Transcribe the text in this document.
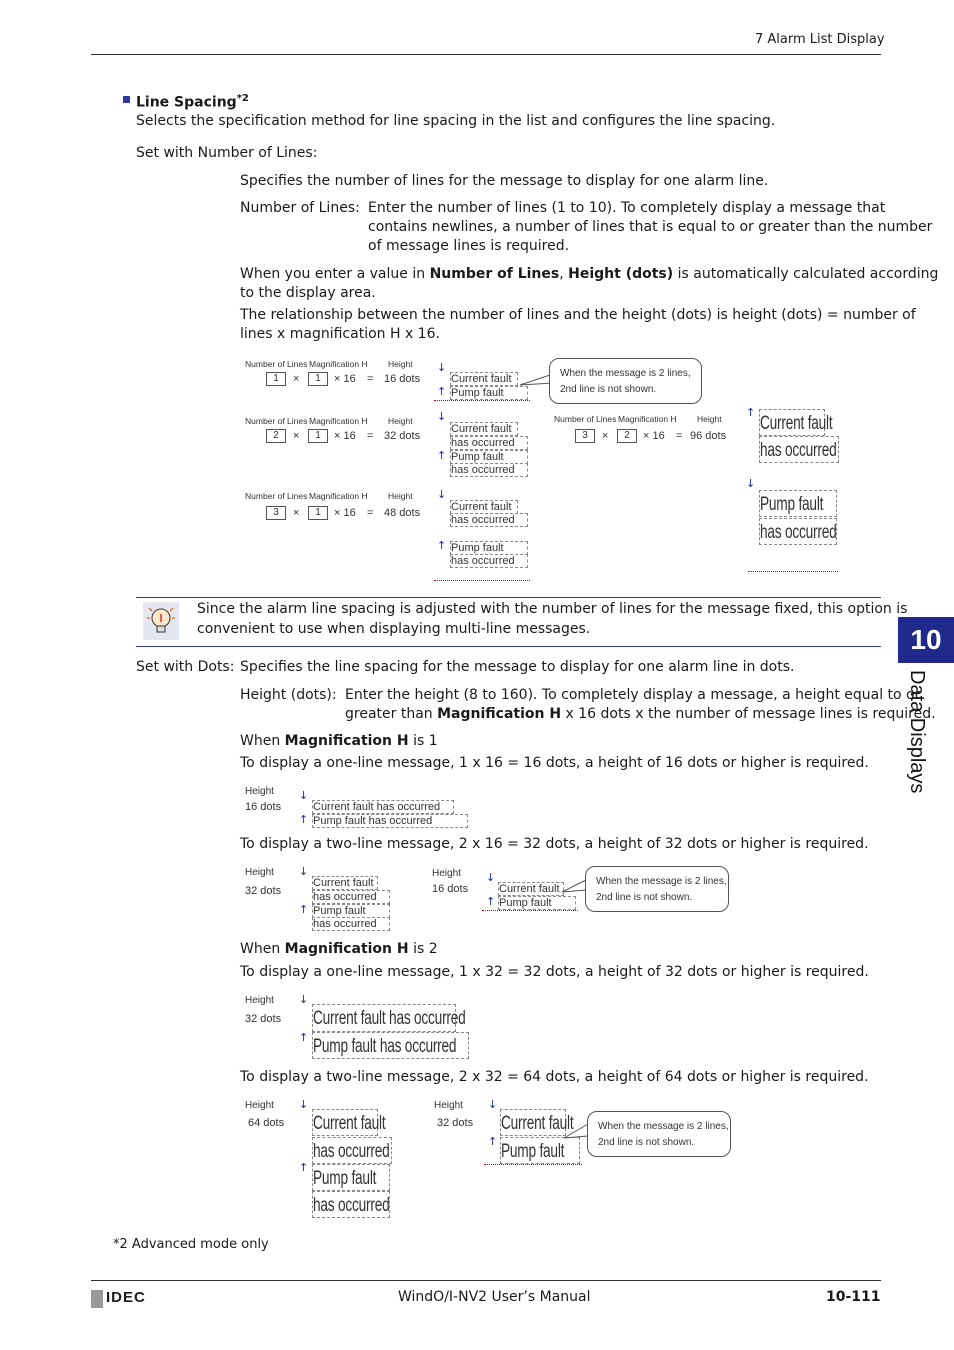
7 Alarm List Display
10
Data Displays
Line Spacing$^{*2}$
Selects the specification method for line spacing in the list and configures the line spacing.
Set with Number of Lines:
Specifies the number of lines for the message to display for one alarm line.
Number of Lines: Enter the number of lines (1 to 10). To completely display a message that
contains newlines, a number of lines that is equal to or greater than the number
of message lines is required.
When you enter a value in Number of Lines, Height (dots) is automatically calculated according
to the display area.
The relationship between the number of lines and the height (dots) is height (dots) = number of
lines x magnification H x 16.
Number of Lines Magnification H Height
1	×	1	× 16 = 16 dots
↓
Current fault
↑ Pump fault
When the message is 2 lines,
2nd line is not shown.
Number of Lines Magnification H Height
2	×	1	× 16 = 32 dots
↓
Current fault
has occurred
↑ Pump fault
has occurred
Number of Lines Magnification H Height
3	×	1	× 16 = 48 dots
↓
Current fault
has occurred
↑ Pump fault
has occurred
Number of Lines Magnification H Height
3	×	2	× 16 = 96 dots
↑
Current fault
has occurred
↓
Pump fault
has occurred
Since the alarm line spacing is adjusted with the number of lines for the message fixed, this option is
convenient to use when displaying multi-line messages.
Set with Dots: Specifies the line spacing for the message to display for one alarm line in dots.
Height (dots): Enter the height (8 to 160). To completely display a message, a height equal to or
greater than Magnification H x 16 dots x the number of message lines is required.
When Magnification H is 1
To display a one-line message, 1 x 16 = 16 dots, a height of 16 dots or higher is required.
Height
16 dots
↓
Current fault has occurred
↑ Pump fault has occurred
To display a two-line message, 2 x 16 = 32 dots, a height of 32 dots or higher is required.
Height
32 dots
↓
Current fault
has occurred
↑ Pump fault
has occurred
Height
16 dots
↓
Current fault
↑ Pump fault
When the message is 2 lines,
2nd line is not shown.
When Magnification H is 2
To display a one-line message, 1 x 32 = 32 dots, a height of 32 dots or higher is required.
Height
32 dots
↓
Current fault has occurred
↑ Pump fault has occurred
To display a two-line message, 2 x 32 = 64 dots, a height of 64 dots or higher is required.
Height
64 dots
↓
Current fault
has occurred
↑
Pump fault
has occurred
Height
32 dots
↓
Current fault
↑ Pump fault
When the message is 2 lines,
2nd line is not shown.
*2 Advanced mode only
IDEC	WindO/I-NV2 User’s Manual	10-111
